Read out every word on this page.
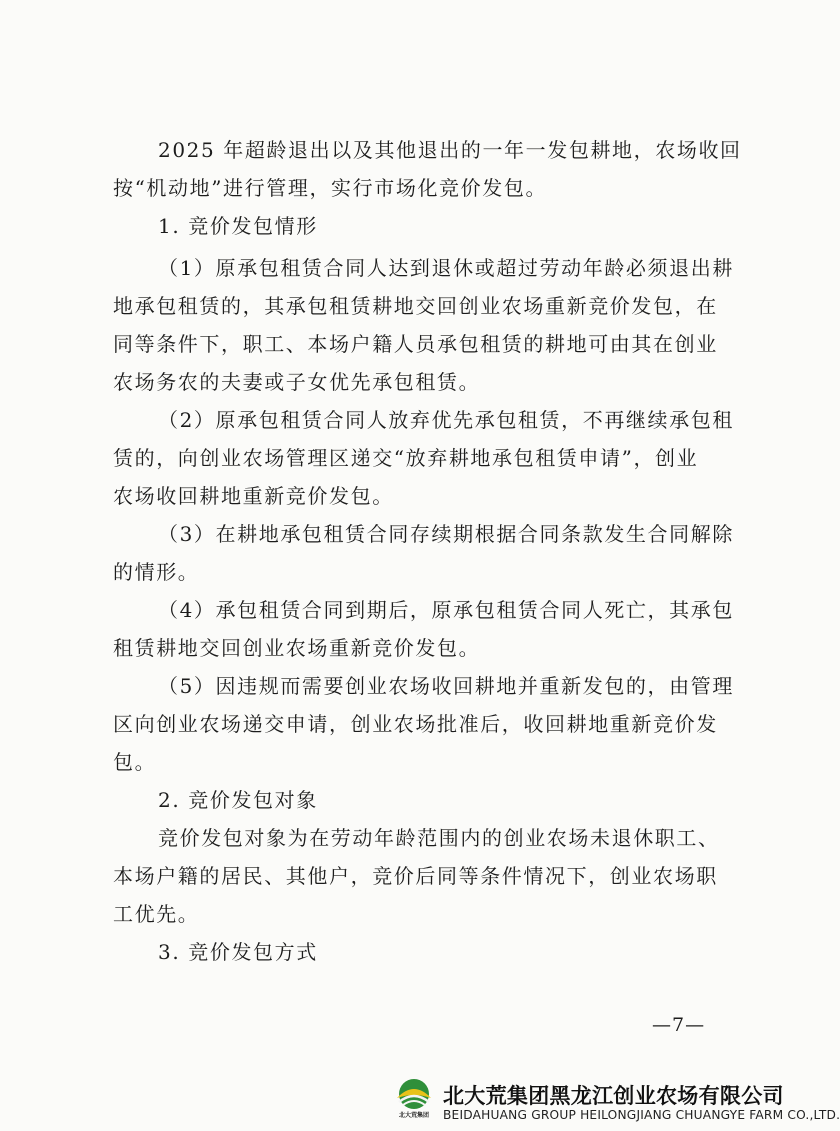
2025 年超龄退出以及其他退出的一年一发包耕地，农场收回
按“机动地”进行管理，实行市场化竞价发包。
1. 竞价发包情形
（1）原承包租赁合同人达到退休或超过劳动年龄必须退出耕
地承包租赁的，其承包租赁耕地交回创业农场重新竞价发包，在
同等条件下，职工、本场户籍人员承包租赁的耕地可由其在创业
农场务农的夫妻或子女优先承包租赁。
（2）原承包租赁合同人放弃优先承包租赁，不再继续承包租
赁的，向创业农场管理区递交“放弃耕地承包租赁申请”，创业
农场收回耕地重新竞价发包。
（3）在耕地承包租赁合同存续期根据合同条款发生合同解除
的情形。
（4）承包租赁合同到期后，原承包租赁合同人死亡，其承包
租赁耕地交回创业农场重新竞价发包。
（5）因违规而需要创业农场收回耕地并重新发包的，由管理
区向创业农场递交申请，创业农场批准后，收回耕地重新竞价发
包。
2. 竞价发包对象
竞价发包对象为在劳动年龄范围内的创业农场未退休职工、
本场户籍的居民、其他户，竞价后同等条件情况下，创业农场职
工优先。
3. 竞价发包方式
—7—
北大荒集团
北大荒集团黑龙江创业农场有限公司
BEIDAHUANG GROUP HEILONGJIANG CHUANGYE FARM CO.,LTD.
